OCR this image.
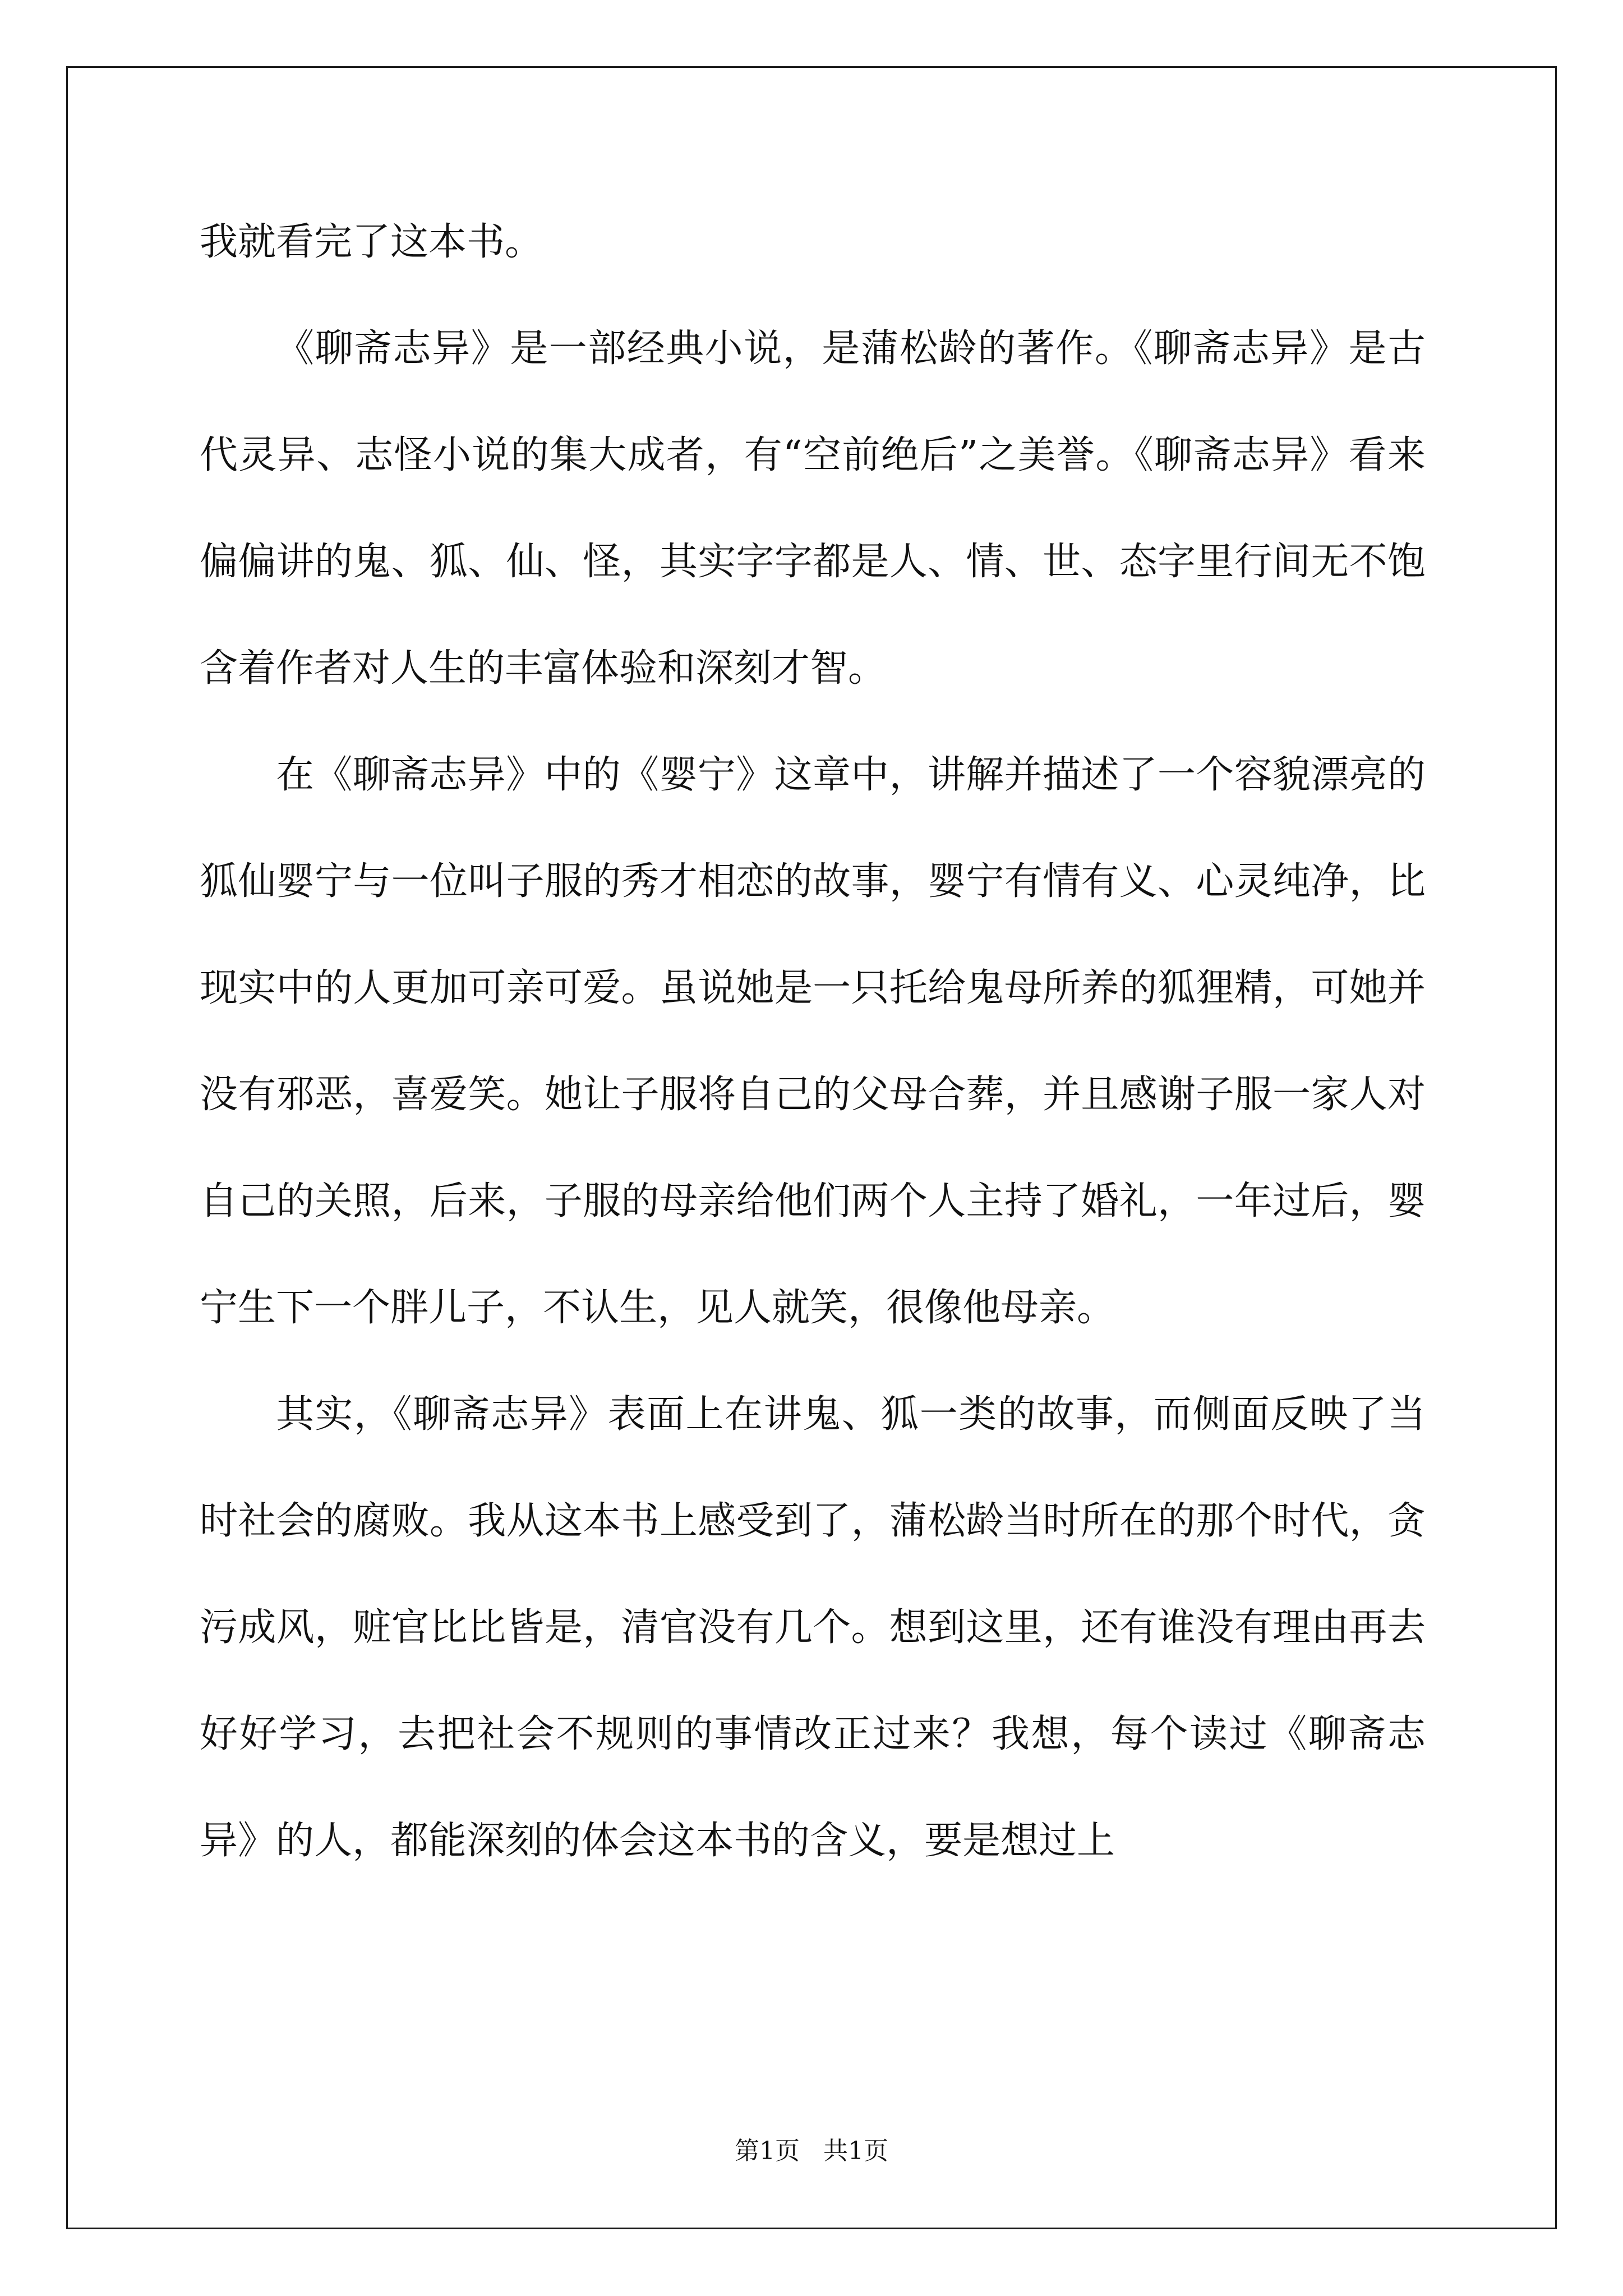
我就看完了这本书。

《聊斋志异》是一部经典小说，是蒲松龄的著作。《聊斋志异》是古代灵异、志怪小说的集大成者，有“空前绝后”之美誉。《聊斋志异》看来偏偏讲的鬼、狐、仙、怪，其实字字都是人、情、世、态字里行间无不饱含着作者对人生的丰富体验和深刻才智。

在《聊斋志异》中的《婴宁》这章中，讲解并描述了一个容貌漂亮的狐仙婴宁与一位叫子服的秀才相恋的故事，婴宁有情有义、心灵纯净，比现实中的人更加可亲可爱。虽说她是一只托给鬼母所养的狐狸精，可她并没有邪恶，喜爱笑。她让子服将自己的父母合葬，并且感谢子服一家人对自己的关照，后来，子服的母亲给他们两个人主持了婚礼，一年过后，婴宁生下一个胖儿子，不认生，见人就笑，很像他母亲。

其实，《聊斋志异》表面上在讲鬼、狐一类的故事，而侧面反映了当时社会的腐败。我从这本书上感受到了，蒲松龄当时所在的那个时代，贪污成风，赃官比比皆是，清官没有几个。想到这里，还有谁没有理由再去好好学习，去把社会不规则的事情改正过来？我想，每个读过《聊斋志异》的人，都能深刻的体会这本书的含义，要是想过上

第1页   共1页
